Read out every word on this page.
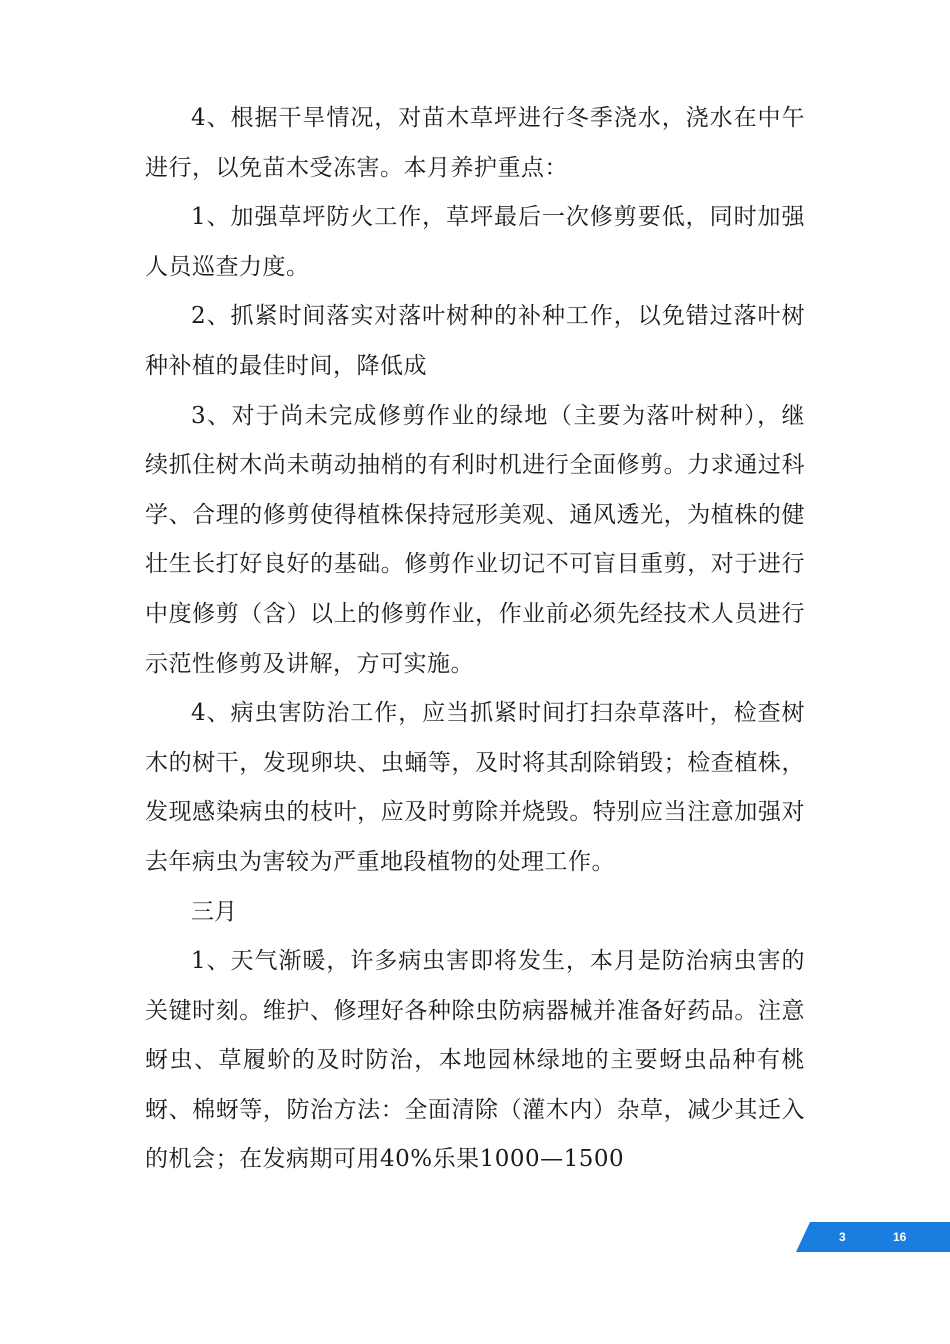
4、根据干旱情况，对苗木草坪进行冬季浇水，浇水在中午进行，以免苗木受冻害。本月养护重点：

1、加强草坪防火工作，草坪最后一次修剪要低，同时加强人员巡查力度。

2、抓紧时间落实对落叶树种的补种工作，以免错过落叶树种补植的最佳时间，降低成

3、对于尚未完成修剪作业的绿地（主要为落叶树种），继续抓住树木尚未萌动抽梢的有利时机进行全面修剪。力求通过科学、合理的修剪使得植株保持冠形美观、通风透光，为植株的健壮生长打好良好的基础。修剪作业切记不可盲目重剪，对于进行中度修剪（含）以上的修剪作业，作业前必须先经技术人员进行示范性修剪及讲解，方可实施。

4、病虫害防治工作，应当抓紧时间打扫杂草落叶，检查树木的树干，发现卵块、虫蛹等，及时将其刮除销毁；检查植株，发现感染病虫的枝叶，应及时剪除并烧毁。特别应当注意加强对去年病虫为害较为严重地段植物的处理工作。

三月

1、天气渐暖，许多病虫害即将发生，本月是防治病虫害的关键时刻。维护、修理好各种除虫防病器械并准备好药品。注意蚜虫、草履蚧的及时防治，本地园林绿地的主要蚜虫品种有桃蚜、棉蚜等，防治方法：全面清除（灌木内）杂草，减少其迁入的机会；在发病期可用40%乐果1000—1500

3	16
